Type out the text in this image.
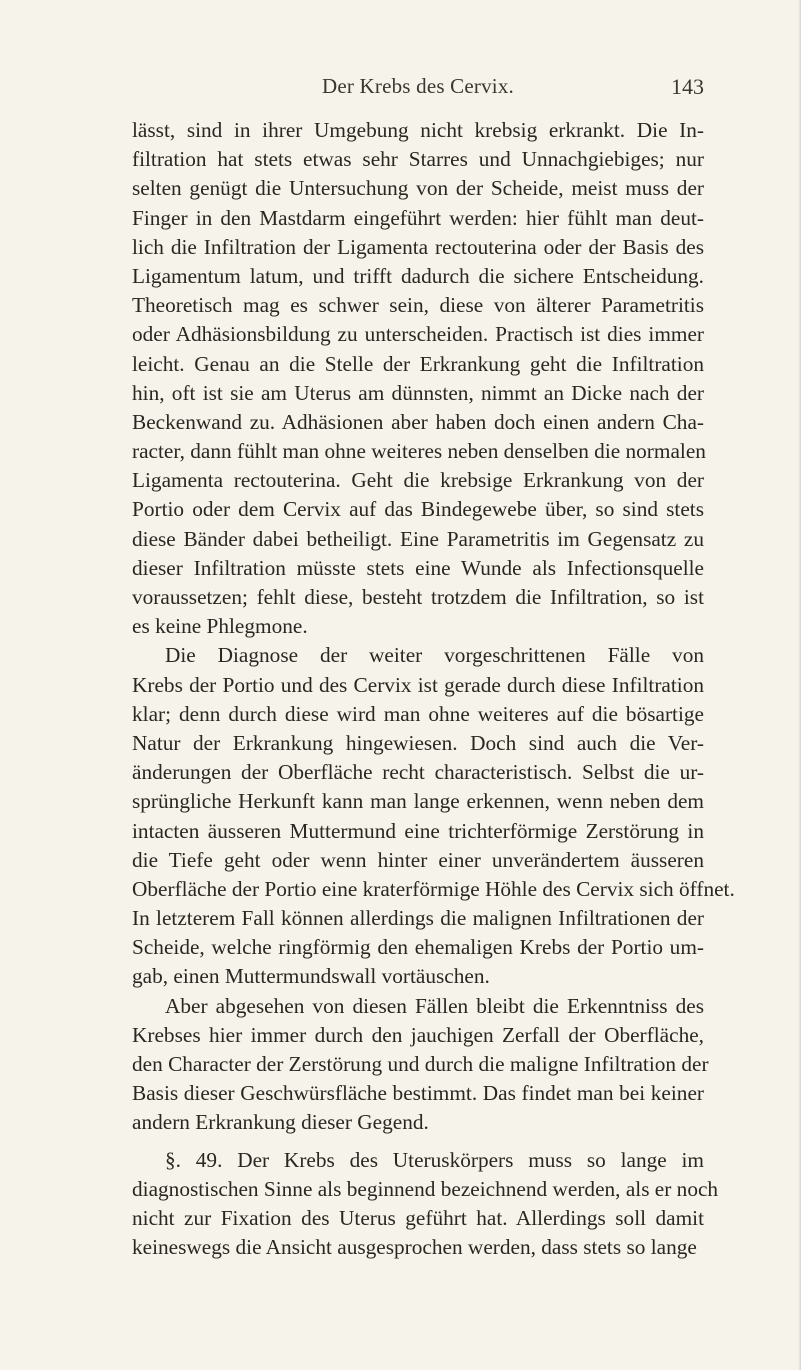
Der Krebs des Cervix.	143
lässt, sind in ihrer Umgebung nicht krebsig erkrankt. Die In-
filtration hat stets etwas sehr Starres und Unnachgiebiges; nur
selten genügt die Untersuchung von der Scheide, meist muss der
Finger in den Mastdarm eingeführt werden: hier fühlt man deut-
lich die Infiltration der Ligamenta rectouterina oder der Basis des
Ligamentum latum, und trifft dadurch die sichere Entscheidung.
Theoretisch mag es schwer sein, diese von älterer Parametritis
oder Adhäsionsbildung zu unterscheiden. Practisch ist dies immer
leicht. Genau an die Stelle der Erkrankung geht die Infiltration
hin, oft ist sie am Uterus am dünnsten, nimmt an Dicke nach der
Beckenwand zu. Adhäsionen aber haben doch einen andern Cha-
racter, dann fühlt man ohne weiteres neben denselben die normalen
Ligamenta rectouterina. Geht die krebsige Erkrankung von der
Portio oder dem Cervix auf das Bindegewebe über, so sind stets
diese Bänder dabei betheiligt. Eine Parametritis im Gegensatz zu
dieser Infiltration müsste stets eine Wunde als Infectionsquelle
voraussetzen; fehlt diese, besteht trotzdem die Infiltration, so ist
es keine Phlegmone.
Die Diagnose der weiter vorgeschrittenen Fälle von
Krebs der Portio und des Cervix ist gerade durch diese Infiltration
klar; denn durch diese wird man ohne weiteres auf die bösartige
Natur der Erkrankung hingewiesen. Doch sind auch die Ver-
änderungen der Oberfläche recht characteristisch. Selbst die ur-
sprüngliche Herkunft kann man lange erkennen, wenn neben dem
intacten äusseren Muttermund eine trichterförmige Zerstörung in
die Tiefe geht oder wenn hinter einer unverändertem äusseren
Oberfläche der Portio eine kraterförmige Höhle des Cervix sich öffnet.
In letzterem Fall können allerdings die malignen Infiltrationen der
Scheide, welche ringförmig den ehemaligen Krebs der Portio um-
gab, einen Muttermundswall vortäuschen.
Aber abgesehen von diesen Fällen bleibt die Erkenntniss des
Krebses hier immer durch den jauchigen Zerfall der Oberfläche,
den Character der Zerstörung und durch die maligne Infiltration der
Basis dieser Geschwürsfläche bestimmt. Das findet man bei keiner
andern Erkrankung dieser Gegend.
§. 49. Der Krebs des Uteruskörpers muss so lange im
diagnostischen Sinne als beginnend bezeichnend werden, als er noch
nicht zur Fixation des Uterus geführt hat. Allerdings soll damit
keineswegs die Ansicht ausgesprochen werden, dass stets so lange
